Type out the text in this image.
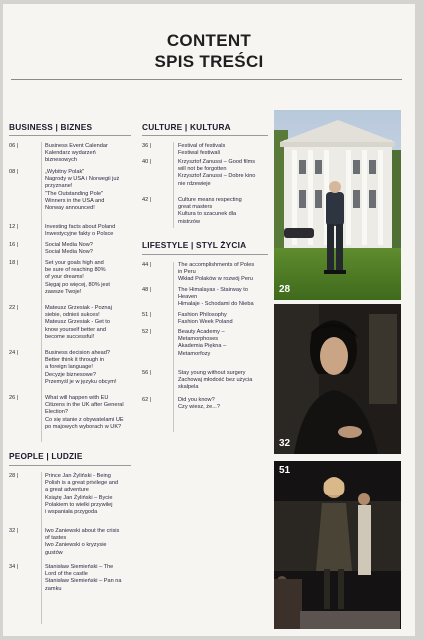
CONTENT
SPIS TREŚCI
BUSINESS | BIZNES
06 |	Business Event Calendar
Kalendarz wydarzeń
biznesowych
08 |	„Wybitny Polak"
Nagrody w USA i Norwegii już
przyznane!
"The Outstanding Pole"
Winners in the USA and
Norway announced!
12 |	Investing facts about Poland
Inwestycyjne fakty o Polsce
16 |	Social Media Now?
Social Media Now?
18 |	Set your goals high and
be sure of reaching 80%
of your dreams!
Sięgaj po więcej, 80% jest
zawsze Twoje!
22 |	Mateusz Grzesiak - Poznaj
siebie, odnieś sukces!
Mateusz Grzesiak - Get to
know yourself better and
become successful!
24 |	Business decision ahead?
Better think it through in
a foreign language!
Decyzje biznesowe?
Przemyśl je w języku obcym!
26 |	What will happen with EU
Citizens in the UK after General
Election?
Co się stanie z obywatelami UE
po majowych wyborach w UK?
PEOPLE | LUDZIE
28 |	Prince Jan Żyliński - Being
Polish is a great privilege and
a great adventure
Książę Jan Żyliński – Bycie
Polakiem to wielki przywilej
i wspaniała przygoda
32 |	Iwo Zaniewski about the crisis
of tastes
Iwo Zaniewski o kryzysie
gustów
34 |	Stanisław Siemieński – The
Lord of the castle
Stanisław Siemieński – Pan na
zamku
CULTURE | KULTURA
36 |	Festival of festivals
Festiwal festiwali
40 |	Krzysztof Zanussi – Good films
will not be forgotten
Krzysztof Zanussi – Dobre kino
nie rdzewieje
42 |	Culture means respecting
great masters
Kultura to szacunek dla
mistrzów
LIFESTYLE | STYL ŻYCIA
44 |	The accomplishments of Poles
in Peru
Wkład Polaków w rozwój Peru
48 |	The Himalayas - Stairway to
Heaven
Himalaje - Schodami do Nieba
51 |	Fashion Philosophy
Fashion Week Poland
52 |	Beauty Academy –
Metamorphoses
Akademia Piękna –
Metamorfozy
56 |	Stay young without surgery
Zachowaj młodość bez użycia
skalpela
62 |	Did you know?
Czy wiesz, że...?
28
32
51
